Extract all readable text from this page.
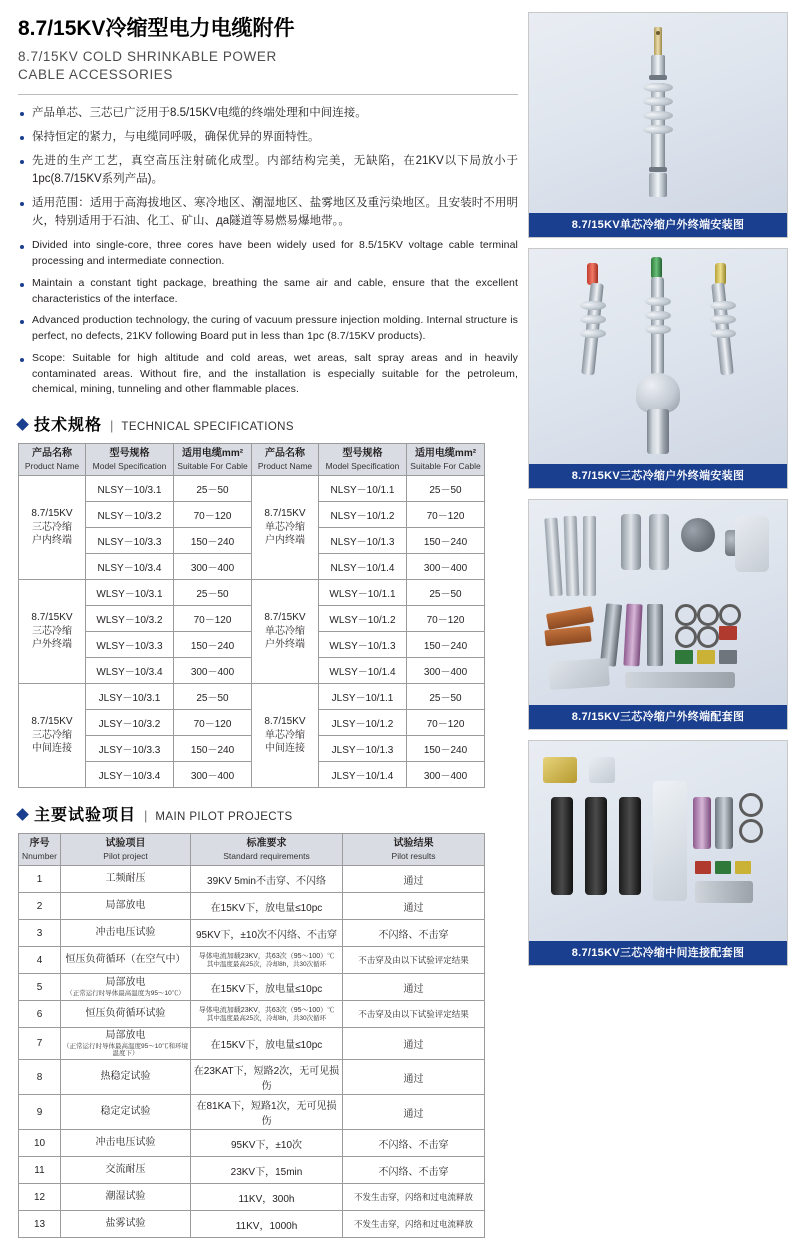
8.7/15KV冷缩型电力电缆附件
8.7/15KV COLD SHRINKABLE POWER
CABLE ACCESSORIES
产品单芯、三芯已广泛用于8.5/15KV电缆的终端处理和中间连接。
保持恒定的紧力，与电缆同呼吸，确保优异的界面特性。
先进的生产工艺，真空高压注射硫化成型。内部结构完美，无缺陷，在21KV以下局放小于1pc(8.7/15KV系列产品)。
适用范围：适用于高海拔地区、寒冷地区、潮湿地区、盐雾地区及重污染地区。且安装时不用明火，特别适用于石油、化工、矿山、да隧道等易燃易爆地带。。
Divided into single-core, three cores have been widely used for 8.5/15KV voltage cable terminal processing and intermediate connection.
Maintain a constant tight package, breathing the same air and cable, ensure that the excellent characteristics of the interface.
Advanced production technology, the curing of vacuum pressure injection molding. Internal structure is perfect, no defects, 21KV following Board put in less than 1pc (8.7/15KV products).
Scope: Suitable for high altitude and cold areas, wet areas, salt spray areas and in heavily contaminated areas. Without fire, and the installation is especially suitable for the petroleum, chemical, mining, tunneling and other flammable places.
技术规格 | TECHNICAL SPECIFICATIONS
产品名称
Product Name	型号规格
Model Specification	适用电缆mm²
Suitable For Cable	产品名称
Product Name	型号规格
Model Specification	适用电缆mm²
Suitable For Cable

8.7/15KV
三芯冷缩
户内终端	NLSY－10/3.1	25－50	8.7/15KV
单芯冷缩
户内终端	NLSY－10/1.1	25－50
	NLSY－10/3.2	70－120		NLSY－10/1.2	70－120
	NLSY－10/3.3	150－240		NLSY－10/1.3	150－240
	NLSY－10/3.4	300－400		NLSY－10/1.4	300－400
8.7/15KV
三芯冷缩
户外终端	WLSY－10/3.1	25－50	8.7/15KV
单芯冷缩
户外终端	WLSY－10/1.1	25－50
	WLSY－10/3.2	70－120		WLSY－10/1.2	70－120
	WLSY－10/3.3	150－240		WLSY－10/1.3	150－240
	WLSY－10/3.4	300－400		WLSY－10/1.4	300－400
8.7/15KV
三芯冷缩
中间连接	JLSY－10/3.1	25－50	8.7/15KV
单芯冷缩
中间连接	JLSY－10/1.1	25－50
	JLSY－10/3.2	70－120		JLSY－10/1.2	70－120
	JLSY－10/3.3	150－240		JLSY－10/1.3	150－240
	JLSY－10/3.4	300－400		JLSY－10/1.4	300－400
主要试验项目 | MAIN PILOT PROJECTS
序号
Nnumber	试验项目
Pilot project	标准要求
Standard requirements	试验结果
Pilot results

1	工频耐压	39KV 5min不击穿、不闪络	通过
2	局部放电	在15KV下，放电量≤10pc	通过
3	冲击电压试验	95KV下，±10次不闪络、不击穿	不闪络、不击穿
4	恒压负荷循环（在空气中）	导体电流加载23KV，共63次（95～100）℃
其中温度最高25次，冷却8h，共30次循环	不击穿及由以下试验评定结果
5	局部放电
（正常运行时导体最高温度为95～10℃）	在15KV下，放电量≤10pc	通过
6	恒压负荷循环试验	导体电流加载23KV，共63次（95～100）℃
其中温度最高25次，冷却8h，共30次循环	不击穿及由以下试验评定结果
7	局部放电
（正常运行时导体最高温度95～10℃和环境温度下）	在15KV下，放电量≤10pc	通过
8	热稳定试验	在23KAT下，短路2次，无可见损伤	通过
9	稳定定试验	在81KA下，短路1次，无可见损伤	通过
10	冲击电压试验	95KV下，±10次	不闪络、不击穿
11	交流耐压	23KV下，15min	不闪络、不击穿
12	潮湿试验	11KV，300h	不发生击穿，闪络和过电流释放
13	盐雾试验	11KV，1000h	不发生击穿，闪络和过电流释放
8.7/15KV单芯冷缩户外终端安装图
8.7/15KV三芯冷缩户外终端安装图
8.7/15KV三芯冷缩户外终端配套图
8.7/15KV三芯冷缩中间连接配套图
